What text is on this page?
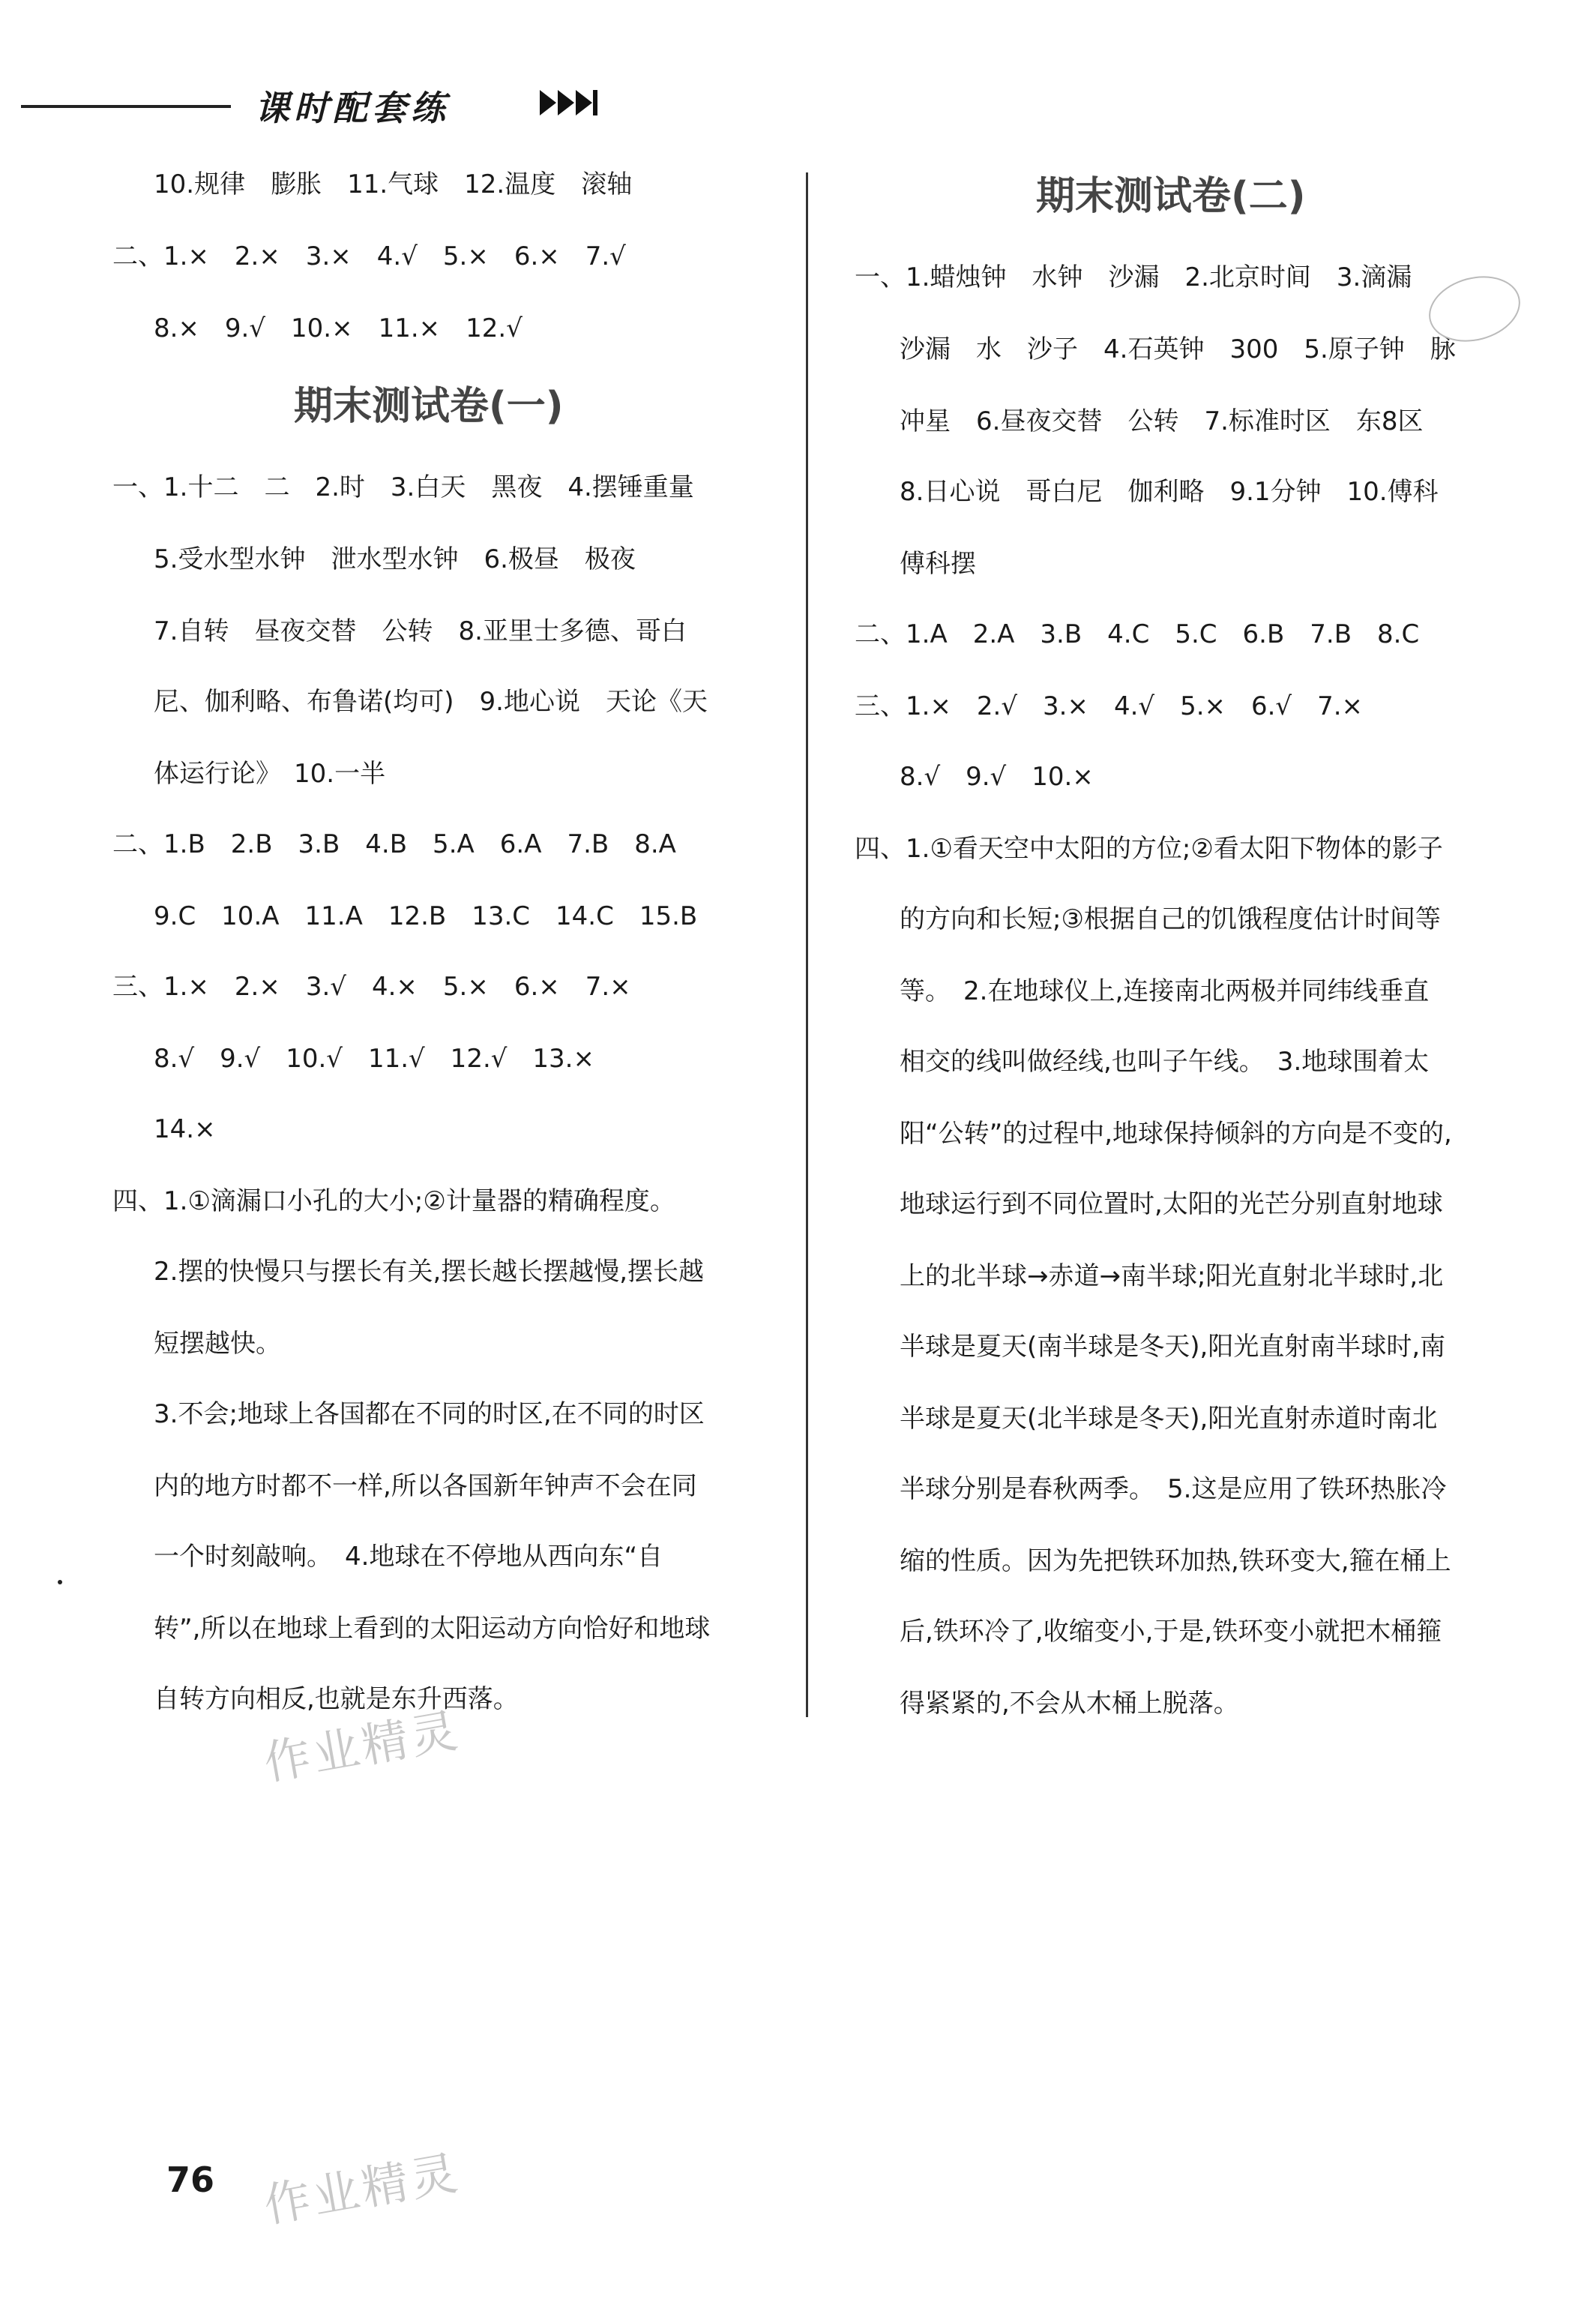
课时配套练
10.规律　膨胀　11.气球　12.温度　滚轴
二、1.×　2.×　3.×　4.√　5.×　6.×　7.√
8.×　9.√　10.×　11.×　12.√
期末测试卷(一)
一、1.十二　二　2.时　3.白天　黑夜　4.摆锤重量
5.受水型水钟　泄水型水钟　6.极昼　极夜
7.自转　昼夜交替　公转　8.亚里士多德、哥白
尼、伽利略、布鲁诺(均可)　9.地心说　天论《天
体运行论》　10.一半
二、1.B　2.B　3.B　4.B　5.A　6.A　7.B　8.A
9.C　10.A　11.A　12.B　13.C　14.C　15.B
三、1.×　2.×　3.√　4.×　5.×　6.×　7.×
8.√　9.√　10.√　11.√　12.√　13.×
14.×
四、1.①滴漏口小孔的大小;②计量器的精确程度。
2.摆的快慢只与摆长有关,摆长越长摆越慢,摆长越
短摆越快。
3.不会;地球上各国都在不同的时区,在不同的时区
内的地方时都不一样,所以各国新年钟声不会在同
一个时刻敲响。　4.地球在不停地从西向东“自
转”,所以在地球上看到的太阳运动方向恰好和地球
自转方向相反,也就是东升西落。
期末测试卷(二)
一、1.蜡烛钟　水钟　沙漏　2.北京时间　3.滴漏
沙漏　水　沙子　4.石英钟　300　5.原子钟　脉
冲星　6.昼夜交替　公转　7.标准时区　东8区
8.日心说　哥白尼　伽利略　9.1分钟　10.傅科
傅科摆
二、1.A　2.A　3.B　4.C　5.C　6.B　7.B　8.C
三、1.×　2.√　3.×　4.√　5.×　6.√　7.×
8.√　9.√　10.×
四、1.①看天空中太阳的方位;②看太阳下物体的影子
的方向和长短;③根据自己的饥饿程度估计时间等
等。　2.在地球仪上,连接南北两极并同纬线垂直
相交的线叫做经线,也叫子午线。　3.地球围着太
阳“公转”的过程中,地球保持倾斜的方向是不变的,
地球运行到不同位置时,太阳的光芒分别直射地球
上的北半球→赤道→南半球;阳光直射北半球时,北
半球是夏天(南半球是冬天),阳光直射南半球时,南
半球是夏天(北半球是冬天),阳光直射赤道时南北
半球分别是春秋两季。　5.这是应用了铁环热胀冷
缩的性质。因为先把铁环加热,铁环变大,箍在桶上
后,铁环冷了,收缩变小,于是,铁环变小就把木桶箍
得紧紧的,不会从木桶上脱落。
作业精灵
作业精灵
76
